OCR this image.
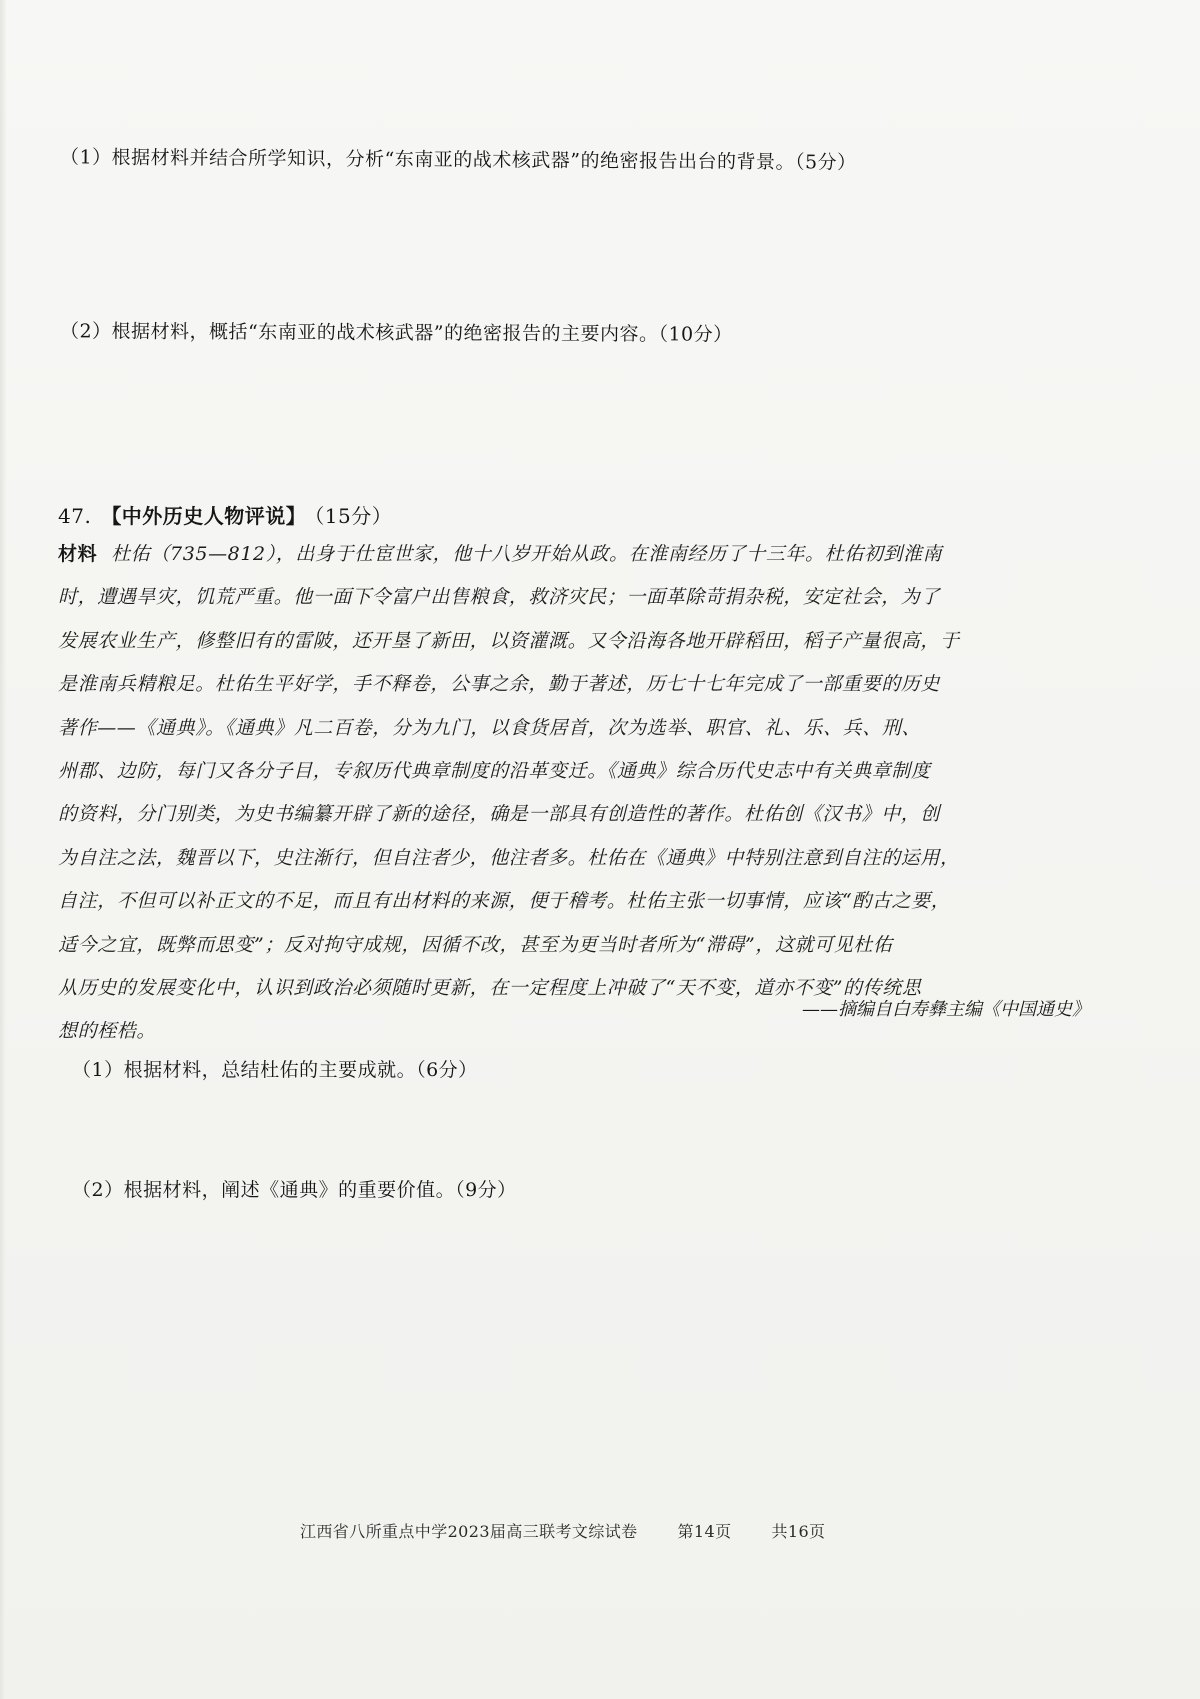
（1）根据材料并结合所学知识，分析“东南亚的战术核武器”的绝密报告出台的背景。（5分）
（2）根据材料，概括“东南亚的战术核武器”的绝密报告的主要内容。（10分）
47. 【中外历史人物评说】 （15分）
材料 杜佑（735—812），出身于仕宦世家，他十八岁开始从政。在淮南经历了十三年。杜佑初到淮南
时，遭遇旱灾，饥荒严重。他一面下令富户出售粮食，救济灾民；一面革除苛捐杂税，安定社会，为了
发展农业生产，修整旧有的雷陂，还开垦了新田，以资灌溉。又令沿海各地开辟稻田，稻子产量很高，于
是淮南兵精粮足。杜佑生平好学，手不释卷，公事之余，勤于著述，历七十七年完成了一部重要的历史
著作——《通典》。《通典》凡二百卷，分为九门，以食货居首，次为选举、职官、礼、乐、兵、刑、
州郡、边防，每门又各分子目，专叙历代典章制度的沿革变迁。《通典》综合历代史志中有关典章制度
的资料，分门别类，为史书编纂开辟了新的途径，确是一部具有创造性的著作。杜佑创《汉书》中，创
为自注之法，魏晋以下，史注渐行，但自注者少，他注者多。杜佑在《通典》中特别注意到自注的运用，
自注，不但可以补正文的不足，而且有出材料的来源，便于稽考。杜佑主张一切事情，应该“酌古之要，
适今之宜，既弊而思变”；反对拘守成规，因循不改，甚至为更当时者所为“滞碍”，这就可见杜佑
从历史的发展变化中，认识到政治必须随时更新，在一定程度上冲破了“天不变，道亦不变”的传统思
想的桎梏。
——摘编自白寿彝主编《中国通史》
（1）根据材料，总结杜佑的主要成就。（6分）
（2）根据材料，阐述《通典》的重要价值。（9分）
江西省八所重点中学2023届高三联考文综试卷	第14页	共16页
